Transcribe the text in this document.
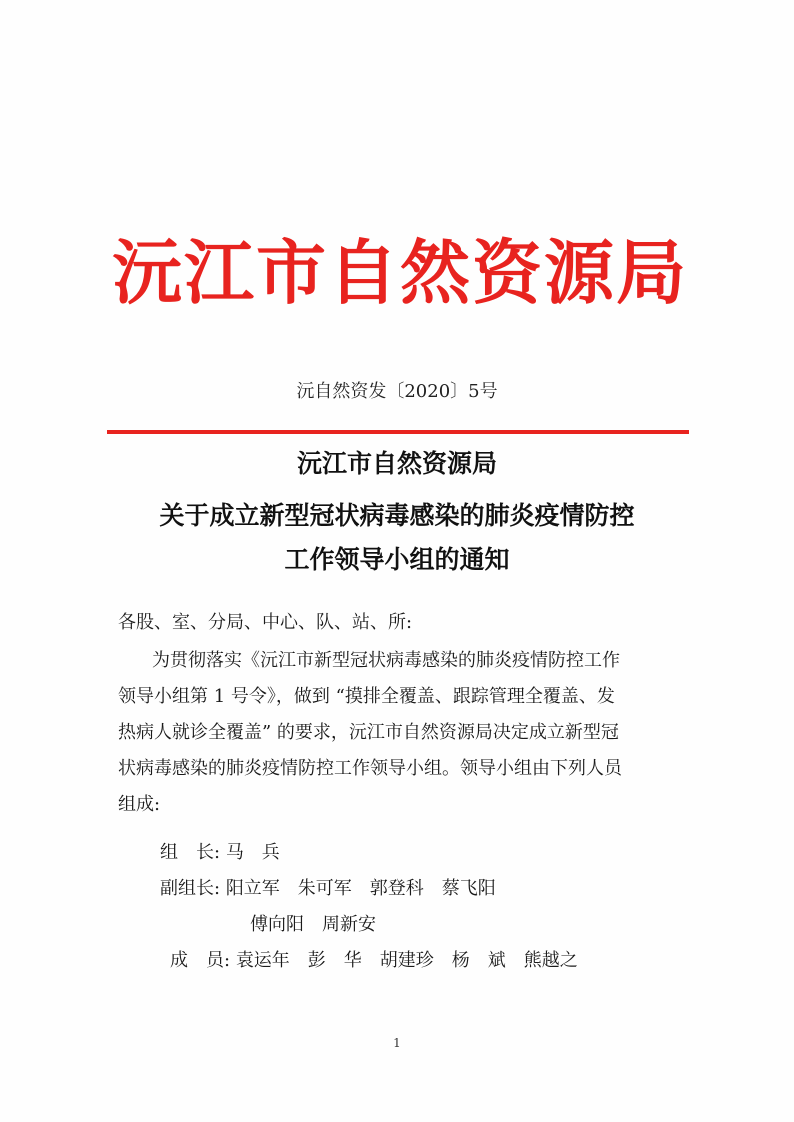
沅江市自然资源局
沅自然资发〔2020〕5号
沅江市自然资源局
关于成立新型冠状病毒感染的肺炎疫情防控
工作领导小组的通知
各股、室、分局、中心、队、站、所:
为贯彻落实《沅江市新型冠状病毒感染的肺炎疫情防控工作
领导小组第 1 号令》，做到 “摸排全覆盖、跟踪管理全覆盖、发
热病人就诊全覆盖” 的要求，沅江市自然资源局决定成立新型冠
状病毒感染的肺炎疫情防控工作领导小组。领导小组由下列人员
组成:
组　长: 马　兵
副组长: 阳立军　朱可军　郭登科　蔡飞阳
傅向阳　周新安
成　员: 袁运年　彭　华　胡建珍　杨　斌　熊越之
1
